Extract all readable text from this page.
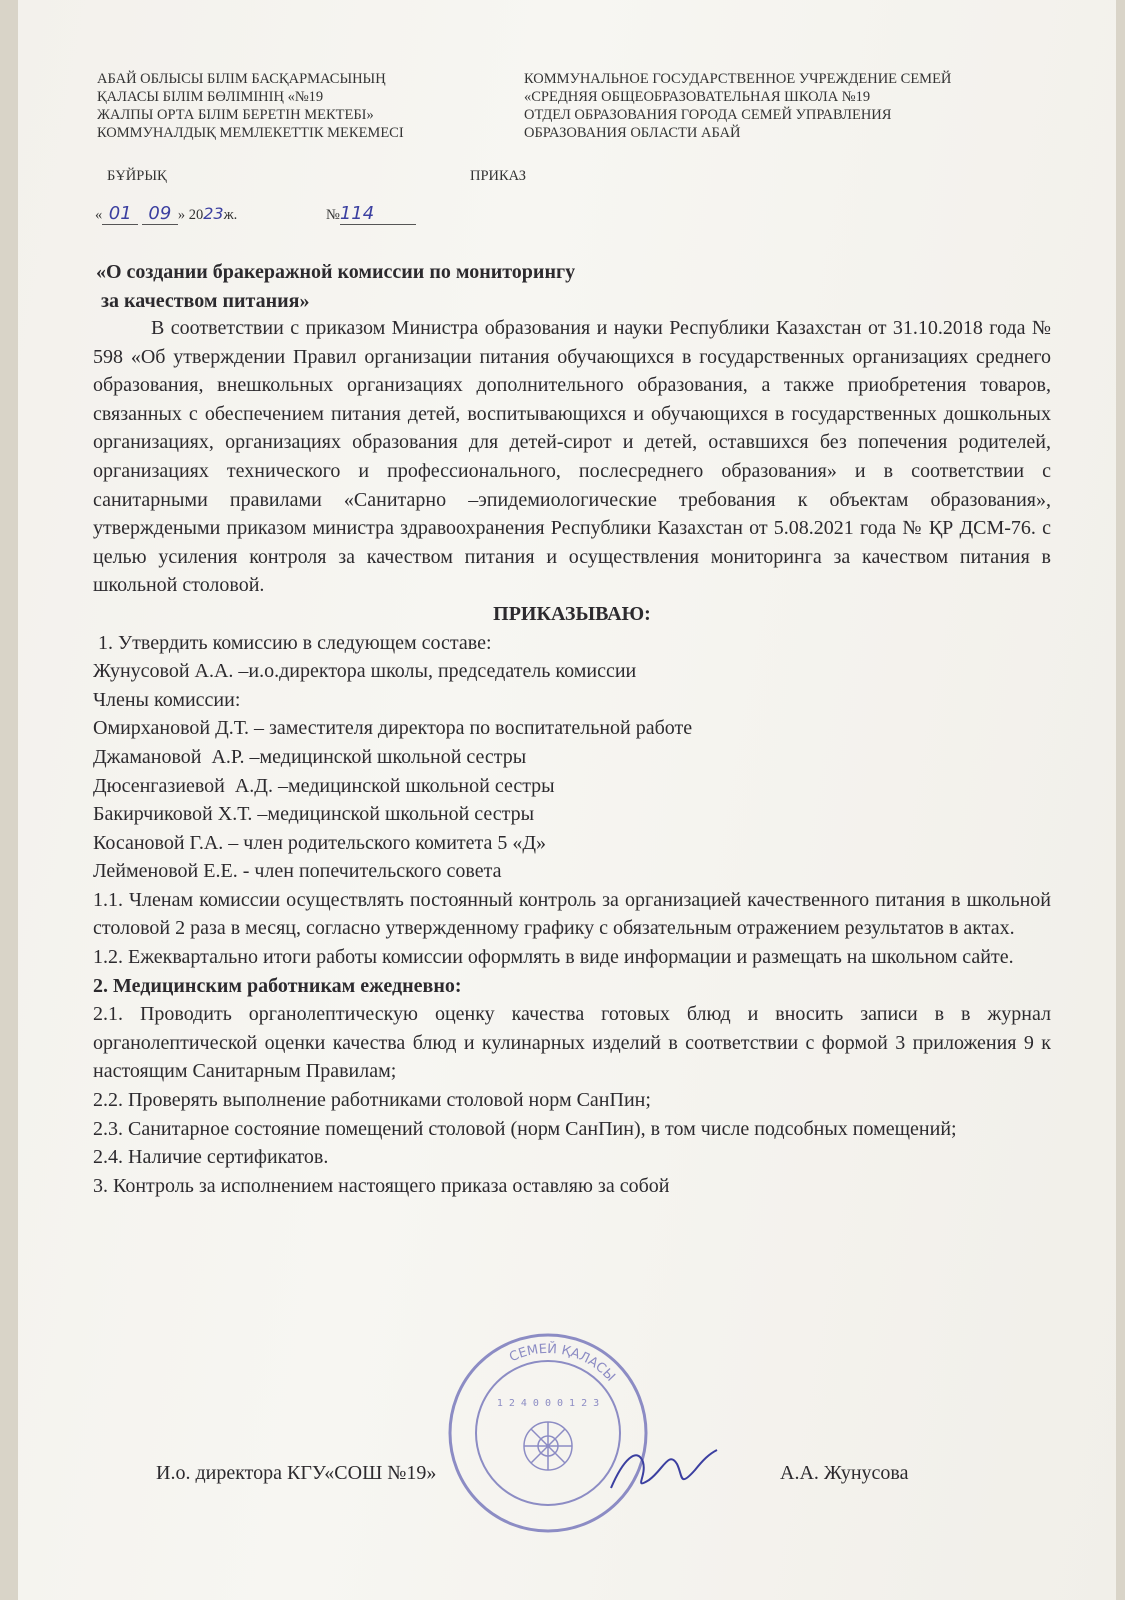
АБАЙ ОБЛЫСЫ БІЛІМ БАСҚАРМАСЫНЫҢ
ҚАЛАСЫ БІЛІМ БӨЛІМІНІҢ «№19
ЖАЛПЫ ОРТА БІЛІМ БЕРЕТІН МЕКТЕБІ»
КОММУНАЛДЫҚ МЕМЛЕКЕТТІК МЕКЕМЕСІ
КОММУНАЛЬНОЕ ГОСУДАРСТВЕННОЕ УЧРЕЖДЕНИЕ СЕМЕЙ
«СРЕДНЯЯ ОБЩЕОБРАЗОВАТЕЛЬНАЯ ШКОЛА №19
ОТДЕЛ ОБРАЗОВАНИЯ ГОРОДА СЕМЕЙ УПРАВЛЕНИЯ
ОБРАЗОВАНИЯ ОБЛАСТИ АБАЙ
БҰЙРЫҚ	ПРИКАЗ
« 01 09 » 2023ж.	№114
«О создании бракеражной комиссии по мониторингу
за качеством питания»

В соответствии с приказом Министра образования и науки Республики Казахстан от 31.10.2018 года № 598 «Об утверждении Правил организации питания обучающихся в государственных организациях среднего образования, внешкольных организациях дополнительного образования, а также приобретения товаров, связанных с обеспечением питания детей, воспитывающихся и обучающихся в государственных дошкольных организациях, организациях образования для детей-сирот и детей, оставшихся без попечения родителей, организациях технического и профессионального, послесреднего образования» и в соответствии с санитарными правилами «Санитарно –эпидемиологические требования к объектам образования», утверждеными приказом министра здравоохранения Республики Казахстан от 5.08.2021 года № ҚР ДСМ-76. с целью усиления контроля за качеством питания и осуществления мониторинга за качеством питания в школьной столовой.

ПРИКАЗЫВАЮ:

1. Утвердить комиссию в следующем составе:

Жунусовой А.А. –и.о.директора школы, председатель комиссии

Члены комиссии:

Омирхановой Д.Т. – заместителя директора по воспитательной работе

Джамановой  А.Р. –медицинской школьной сестры

Дюсенгазиевой  А.Д. –медицинской школьной сестры

Бакирчиковой Х.Т. –медицинской школьной сестры

Косановой Г.А. – член родительского комитета 5 «Д»

Лейменовой Е.Е. - член попечительского совета

1.1. Членам комиссии осуществлять постоянный контроль за организацией качественного питания в школьной столовой 2 раза в месяц, согласно утвержденному графику с обязательным отражением результатов в актах.

1.2. Ежеквартально итоги работы комиссии оформлять в виде информации и размещать на школьном сайте.

2. Медицинским работникам ежедневно:

2.1. Проводить органолептическую оценку качества готовых блюд и вносить записи в в журнал органолептической оценки качества блюд и кулинарных изделий в соответствии с формой 3 приложения 9 к настоящим Санитарным Правилам;

2.2. Проверять выполнение работниками столовой норм СанПин;

2.3. Санитарное состояние помещений столовой (норм СанПин), в том числе подсобных помещений;

2.4. Наличие сертификатов.

3. Контроль за исполнением настоящего приказа оставляю за собой

СЕМЕЙ ҚАЛАСЫ
1 2 4 0 0 0 1 2 3
И.о. директора КГУ«СОШ №19»	А.А. Жунусова
